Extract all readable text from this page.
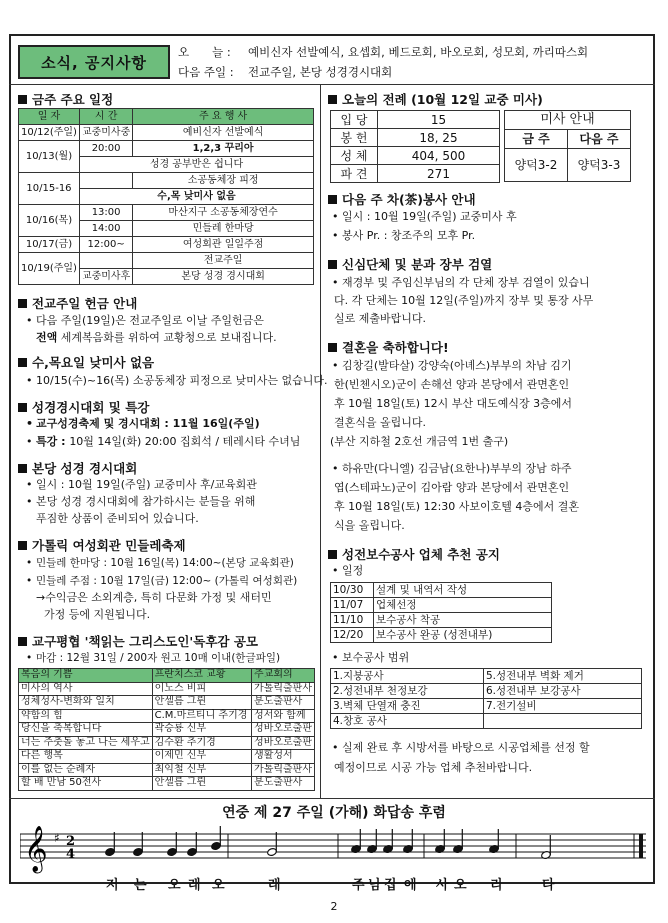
소식, 공지사항
오　　늘 : 예비신자 선발예식, 요셉회, 베드로회, 바오로회, 성모회, 까리따스회
다음 주일 : 전교주일, 본당 성경경시대회
금주 주요 일정
일 자	시 간	주 요 행 사
10/12(주일)	교중미사중	예비신자 선발예식
10/13(월)	20:00	1,2,3 꾸리아
	성경 공부반은 쉽니다	
10/15-16		소공동체장 피정
	수,목 낮미사 없음	
10/16(목)	13:00	마산지구 소공동체장연수
	14:00	민들레 한마당
10/17(금)	12:00~	여성회관 일일주점
10/19(주일)		전교주일
	교중미사후	본당 성경 경시대회
전교주일 헌금 안내
• 다음 주일(19일)은 전교주일로 이날 주일헌금은
전액 세계복음화를 위하여 교황청으로 보내집니다.
수,목요일 낮미사 없음
• 10/15(수)~16(목) 소공동체장 피정으로 낮미사는 없습니다.
성경경시대회 및 특강
• 교구성경축제 및 경시대회 : 11월 16일(주일)
• 특강 : 10월 14일(화) 20:00 집회석 / 테레시타 수녀님
본당 성경 경시대회
• 일시 : 10월 19일(주일) 교중미사 후/교육회관
• 본당 성경 경시대회에 참가하시는 분들을 위해
푸짐한 상품이 준비되어 있습니다.
가톨릭 여성회관 민들레축제
• 민들레 한마당 : 10월 16일(목) 14:00~(본당 교육회관)
• 민들레 주점 : 10월 17일(금) 12:00~ (가톨릭 여성회관)
→수익금은 소외계층, 특히 다문화 가정 및 새터민
가정 등에 지원됩니다.
교구평협 '책읽는 그리스도인'독후감 공모
• 마감 : 12월 31일 / 200자 원고 10매 이내(한글파일)
복음의 기쁨	프란치스코 교황	주교회의
미사의 역사	이노스 비피	가톨릭출판사
성체성사-변화와 일치	안셀름 그륀	분도출판사
약함의 힘	C.M.마르티니 추기경	성서와 함께
당신을 축복합니다	곽승룡 신부	성바오로출판
너는 주춧돌 놓고 나는 세우고	김수환 추기경	성바오로출판
다른 행복	이제민 신부	생활성서
이를 없는 순례자	최익철 신부	가톨릭출판사
할 배 만남 50전사	안셀름 그륀	분도출판사
오늘의 전례 (10월 12일 교중 미사)
입 당	15
봉 헌	18, 25
성 체	404, 500
파 견	271
미사 안내	
금 주	다음 주
양덕3-2	양덕3-3
다음 주 차(茶)봉사 안내
• 일시 : 10월 19일(주일) 교중미사 후
• 봉사 Pr. : 창조주의 모후 Pr.
신심단체 및 분과 장부 검열
• 재경부 및 주임신부님의 각 단체 장부 검열이 있습니
다. 각 단체는 10월 12일(주일)까지 장부 및 통장 사무
실로 제출바랍니다.
결혼을 축하합니다!
• 김창길(발타살) 강양숙(아녜스)부부의 차남 김기
한(빈첸시오)군이 손해선 양과 본당에서 관면혼인
후 10월 18일(토) 12시 부산 대도예식장 3층에서
결혼식을 올립니다.
(부산 지하철 2호선 개금역 1번 출구)
• 하유만(다니엘) 김금남(요한나)부부의 장남 하주
엽(스테파노)군이 김아람 양과 본당에서 관면혼인
후 10월 18일(토) 12:30 사보이호텔 4층에서 결혼
식을 올립니다.
성전보수공사 업체 추천 공지
• 일정
10/30	설계 및 내역서 작성
11/07	업체선정
11/10	보수공사 착공
12/20	보수공사 완공 (성전내부)
• 보수공사 범위
1.지붕공사	5.성전내부 벽화 제거
2.성전내부 천정보강	6.성전내부 보강공사
3.벽체 단열재 충진	7.전기설비
4.창호 공사	
• 실제 완료 후 시방서를 바탕으로 시공업체를 선정 할
예정이므로 시공 가능 업체 추천바랍니다.
연중 제 27 주일 (가해) 화답송 후렴
𝄞 ♯ 2
4
저 는 오 래 오	래	주 님 집 에 사 오 리	다
2
